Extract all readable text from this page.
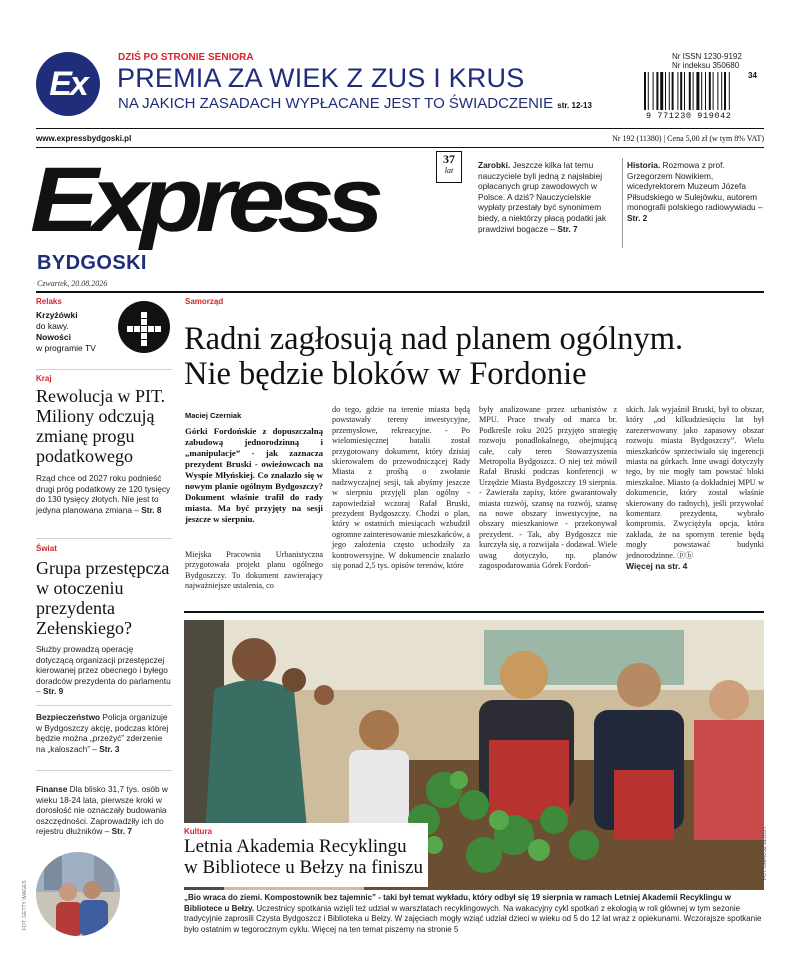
Ex
DZIŚ PO STRONIE SENIORA
PREMIA ZA WIEK Z ZUS I KRUS
NA JAKICH ZASADACH WYPŁACANE JEST TO ŚWIADCZENIE str. 12-13
Nr ISSN 1230-9192
Nr indeksu 350680
9 771230 919042
34
www.expressbydgoski.pl	Nr 192 (11380) | Cena 5,00 zł (w tym 8% VAT)
Express
BYDGOSKI
Czwartek, 20.08.2026
37
lat
Zarobki. Jeszcze kilka lat temu nauczyciele byli jedną z najsłabiej opłacanych grup zawodowych w Polsce. A dziś? Nauczycielskie wypłaty przestały być synonimem biedy, a niektórzy płacą podatki jak prawdziwi bogacze – Str. 7
Historia. Rozmowa z prof. Grzegorzem Nowikiem, wicedyrektorem Muzeum Józefa Piłsudskiego w Sulejówku, autorem monografii polskiego radiowywiadu – Str. 2
Relaks
Krzyżówki
do kawy.
Nowości
w programie TV
Kraj
Rewolucja w PIT. Miliony odczują zmianę progu podatkowego
Rząd chce od 2027 roku podnieść drugi próg podatkowy ze 120 tysięcy do 130 tysięcy złotych. Nie jest to jedyna planowana zmiana – Str. 8
Świat
Grupa przestępcza w otoczeniu prezydenta Zełenskiego?
Służby prowadzą operację dotyczącą organizacji przestępczej kierowanej przez obecnego i byłego doradców prezydenta do parlamentu – Str. 9
Bezpieczeństwo Policja organizuje w Bydgoszczy akcję, podczas której będzie można „przeżyć” zderzenie na „kaloszach” – Str. 3
Finanse Dla blisko 31,7 tys. osób w wieku 18-24 lata, pierwsze kroki w dorosłość nie oznaczały budowania oszczędności. Zaprowadziły ich do rejestru dłużników – Str. 7
FOT. GETTY IMAGES
Samorząd
Radni zagłosują nad planem ogólnym.
Nie będzie bloków w Fordonie
Maciej Czerniak
Górki Fordońskie z dopuszczalną zabudową jednorodzinną i „manipulacje” - jak zaznacza prezydent Bruski - owieżowcach na Wyspie Młyńskiej. Co znalazło się w nowym planie ogólnym Bydgoszczy? Dokument właśnie trafił do rady miasta. Ma być przyjęty na sesji jeszcze w sierpniu.
Miejska Pracownia Urbanistyczna przygotowała projekt planu ogólnego Bydgoszczy. To dokument zawierający najważniejsze ustalenia, co
do tego, gdzie na terenie miasta będą powstawały tereny inwestycyjne, przemysłowe, rekreacyjne. - Po wielomiesięcznej batalii został przygotowany dokument, który dzisiaj skierowałem do przewodniczącej Rady Miasta z prośbą o zwołanie nadzwyczajnej sesji, tak abyśmy jeszcze w sierpniu przyjęli plan ogólny - zapowiedział wczoraj Rafał Bruski, prezydent Bydgoszczy. Chodzi o plan, który w ostatnich miesiącach wzbudził ogromne zainteresowanie mieszkańców, a jego założenia często uchodziły za kontrowersyjne. W dokumencie znalazło się ponad 2,5 tys. opisów terenów, które
były analizowane przez urbanistów z MPU. Prace trwały od marca br. Podkreśle roku 2025 przyjęto strategię rozwoju ponadlokalnego, obejmującą całe, cały teren Stowarzyszenia Metropolia Bydgoszcz. O niej też mówił Rafał Bruski podczas konferencji w Urzędzie Miasta Bydgoszczy 19 sierpnia. - Zawierała zapisy, które gwarantowały miasta rozwój, szansę na rozwój, szansę na nowe obszary inwestycyjne, na obszary mieszkaniowe - przekonywał prezydent. - Tak, aby Bydgoszcz nie kurczyła się, a rozwijała - dodawał. Wiele uwag dotyczyło, np. planów zagospodarowania Górek Fordoń-
skich. Jak wyjaśnił Bruski, był to obszar, który „od kilkudziesięciu lat był zarezerwowany jako zapasowy obszar rozwoju miasta Bydgoszczy”. Wielu mieszkańców sprzeciwiało się ingerencji miasta na górkach. Inne uwagi dotyczyły tego, by nie mogły tam powstać bloki mieszkalne. Miasto (a dokładniej MPU w dokumencie, który został właśnie skierowany do radnych), jeśli przywołać komentarz prezydenta, wybrało kompromis. Zwyciężyła opcja, która zakłada, że na spornym terenie będą mogły powstawać budynki jednorodzinne. ⓟⓑ
Więcej na str. 4
FOT. DARIUSZ BLOCH
Kultura
Letnia Akademia Recyklingu
w Bibliotece u Bełzy na finiszu
„Bio wraca do ziemi. Kompostownik bez tajemnic” - taki był temat wykładu, który odbył się 19 sierpnia w ramach Letniej Akademii Recyklingu w Bibliotece u Bełzy. Uczestnicy spotkania wzięli też udział w warsztatach recyklingowych. Na wakacyjny cykl spotkań z ekologią w roli głównej w tym sezonie tradycyjnie zaprosili Czysta Bydgoszcz i Biblioteka u Bełzy. W zajęciach mogły wziąć udział dzieci w wieku od 5 do 12 lat wraz z opiekunami. Wczorajsze spotkanie było ostatnim w tegorocznym cyklu. Więcej na ten temat piszemy na stronie 5
